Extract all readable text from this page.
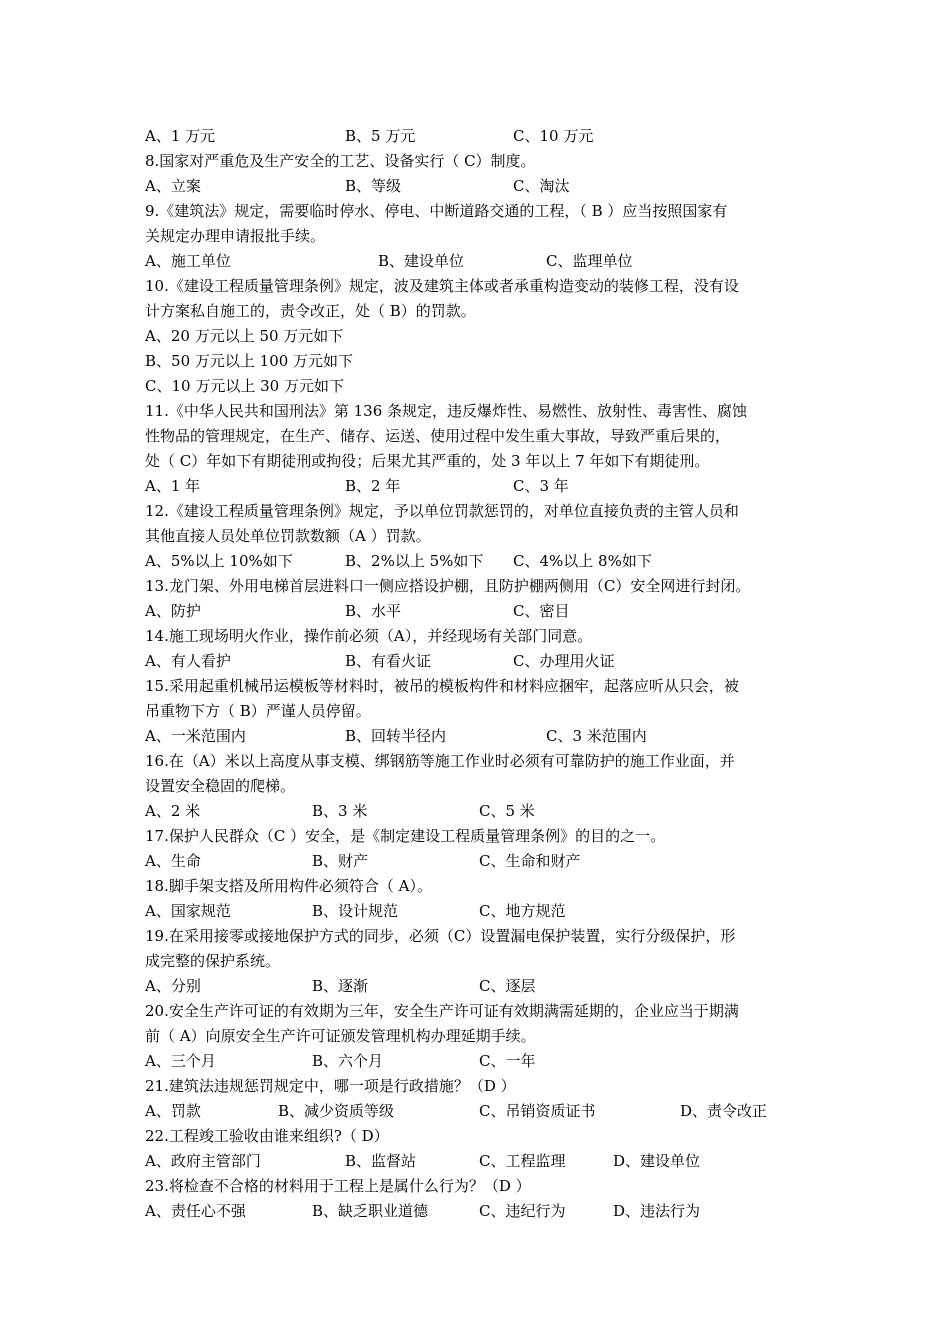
A、1 万元	B、5 万元	C、10 万元
8.国家对严重危及生产安全的工艺、设备实行（ C）制度。
A、立案	B、等级	C、淘汰
9.《建筑法》规定，需要临时停水、停电、中断道路交通的工程，（ B ）应当按照国家有
关规定办理申请报批手续。
A、施工单位	B、建设单位	C、监理单位
10.《建设工程质量管理条例》规定，波及建筑主体或者承重构造变动的装修工程，没有设
计方案私自施工的，责令改正，处（ B）的罚款。
A、20 万元以上 50 万元如下
B、50 万元以上 100 万元如下
C、10 万元以上 30 万元如下
11.《中华人民共和国刑法》第 136 条规定，违反爆炸性、易燃性、放射性、毒害性、腐蚀
性物品的管理规定，在生产、储存、运送、使用过程中发生重大事故，导致严重后果的，
处（ C）年如下有期徒刑或拘役；后果尤其严重的，处 3 年以上 7 年如下有期徒刑。
A、1 年	B、2 年	C、3 年
12.《建设工程质量管理条例》规定，予以单位罚款惩罚的，对单位直接负责的主管人员和
其他直接人员处单位罚款数额（A ）罚款。
A、5%以上 10%如下	B、2%以上 5%如下 C、4%以上 8%如下
13.龙门架、外用电梯首层进料口一侧应搭设护棚，且防护棚两侧用（C）安全网进行封闭。
A、防护	B、水平	C、密目
14.施工现场明火作业，操作前必须（A），并经现场有关部门同意。
A、有人看护	B、有看火证	C、办理用火证
15.采用起重机械吊运模板等材料时，被吊的模板构件和材料应捆牢，起落应听从只会，被
吊重物下方（ B）严谨人员停留。
A、一米范围内	B、回转半径内	C、3 米范围内
16.在（A）米以上高度从事支模、绑钢筋等施工作业时必须有可靠防护的施工作业面，并
设置安全稳固的爬梯。
A、2 米	B、3 米	C、5 米
17.保护人民群众（C ）安全，是《制定建设工程质量管理条例》的目的之一。
A、生命	B、财产	C、生命和财产
18.脚手架支搭及所用构件必须符合（ A）。
A、国家规范	B、设计规范	C、地方规范
19.在采用接零或接地保护方式的同步，必须（C）设置漏电保护装置，实行分级保护，形
成完整的保护系统。
A、分别	B、逐渐	C、逐层
20.安全生产许可证的有效期为三年，安全生产许可证有效期满需延期的，企业应当于期满
前（ A）向原安全生产许可证颁发管理机构办理延期手续。
A、三个月	B、六个月	C、一年
21.建筑法违规惩罚规定中，哪一项是行政措施？（D ）
A、罚款	B、减少资质等级	C、吊销资质证书	D、责令改正
22.工程竣工验收由谁来组织?（ D）
A、政府主管部门	B、监督站	C、工程监理	D、建设单位
23.将检查不合格的材料用于工程上是属什么行为？（D ）
A、责任心不强	B、缺乏职业道德	C、违纪行为	D、违法行为
